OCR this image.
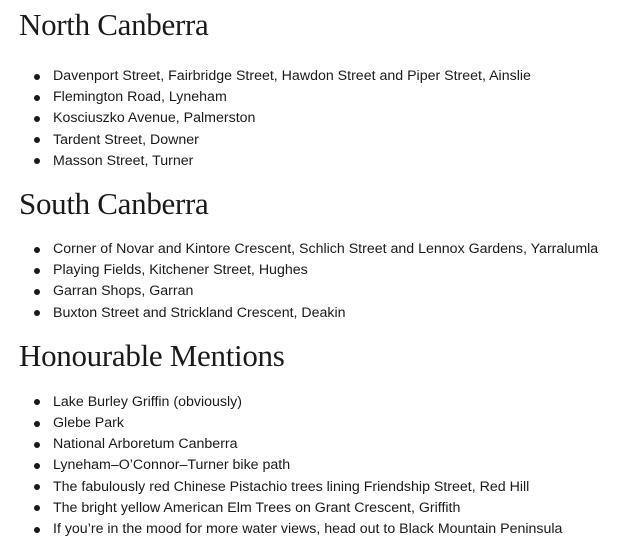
North Canberra
Davenport Street, Fairbridge Street, Hawdon Street and Piper Street, Ainslie
Flemington Road, Lyneham
Kosciuszko Avenue, Palmerston
Tardent Street, Downer
Masson Street, Turner
South Canberra
Corner of Novar and Kintore Crescent, Schlich Street and Lennox Gardens, Yarralumla
Playing Fields, Kitchener Street, Hughes
Garran Shops, Garran
Buxton Street and Strickland Crescent, Deakin
Honourable Mentions
Lake Burley Griffin (obviously)
Glebe Park
National Arboretum Canberra
Lyneham–O’Connor–Turner bike path
The fabulously red Chinese Pistachio trees lining Friendship Street, Red Hill
The bright yellow American Elm Trees on Grant Crescent, Griffith
If you’re in the mood for more water views, head out to Black Mountain Peninsula
